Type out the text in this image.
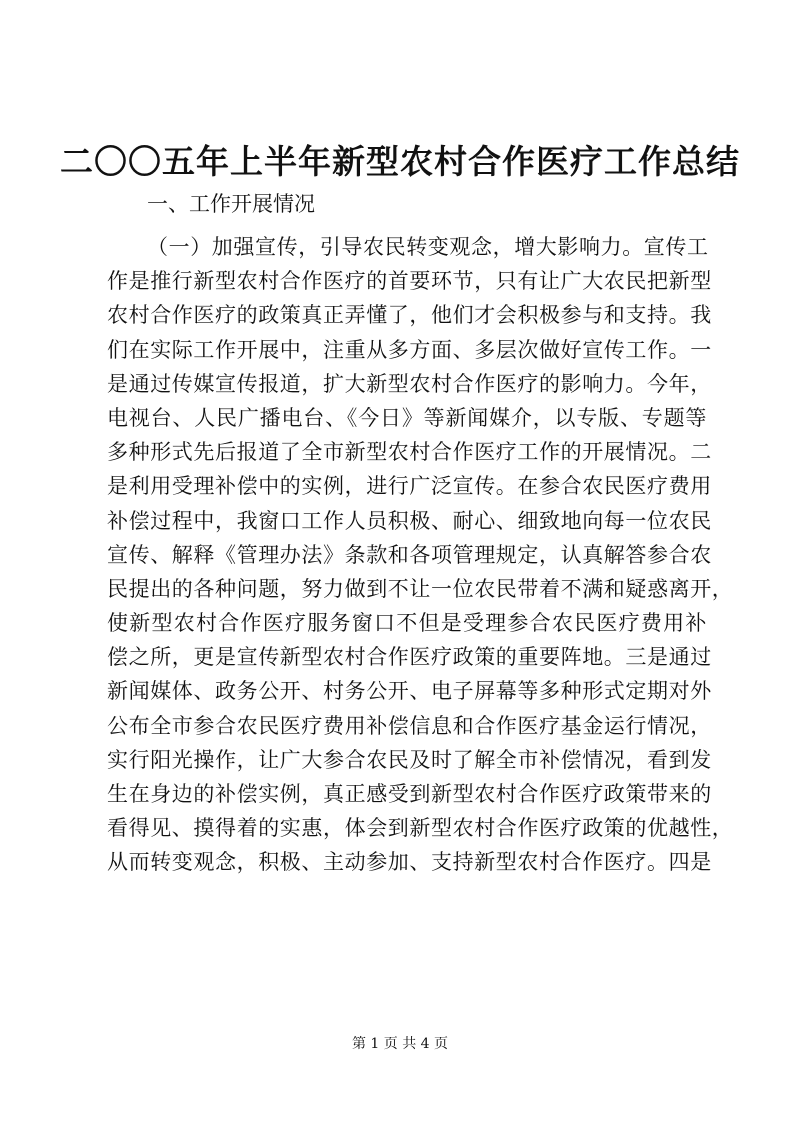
二〇〇五年上半年新型农村合作医疗工作总结
一、工作开展情况
（一）加强宣传，引导农民转变观念，增大影响力。宣传工
作是推行新型农村合作医疗的首要环节，只有让广大农民把新型
农村合作医疗的政策真正弄懂了，他们才会积极参与和支持。我
们在实际工作开展中，注重从多方面、多层次做好宣传工作。一
是通过传媒宣传报道，扩大新型农村合作医疗的影响力。今年，
电视台、人民广播电台、《今日》等新闻媒介，以专版、专题等
多种形式先后报道了全市新型农村合作医疗工作的开展情况。二
是利用受理补偿中的实例，进行广泛宣传。在参合农民医疗费用
补偿过程中，我窗口工作人员积极、耐心、细致地向每一位农民
宣传、解释《管理办法》条款和各项管理规定，认真解答参合农
民提出的各种问题，努力做到不让一位农民带着不满和疑惑离开，
使新型农村合作医疗服务窗口不但是受理参合农民医疗费用补
偿之所，更是宣传新型农村合作医疗政策的重要阵地。三是通过
新闻媒体、政务公开、村务公开、电子屏幕等多种形式定期对外
公布全市参合农民医疗费用补偿信息和合作医疗基金运行情况，
实行阳光操作，让广大参合农民及时了解全市补偿情况，看到发
生在身边的补偿实例，真正感受到新型农村合作医疗政策带来的
看得见、摸得着的实惠，体会到新型农村合作医疗政策的优越性，
从而转变观念，积极、主动参加、支持新型农村合作医疗。四是
第 1 页 共 4 页
